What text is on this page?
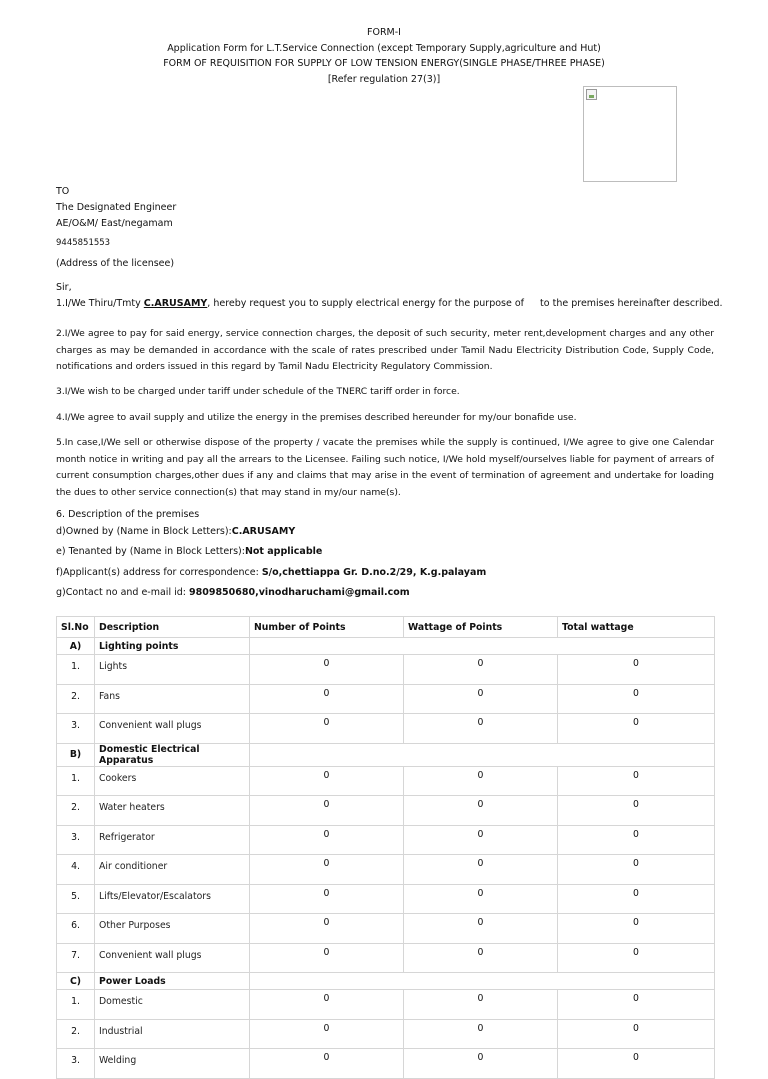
FORM-I
Application Form for L.T.Service Connection (except Temporary Supply,agriculture and Hut)
FORM OF REQUISITION FOR SUPPLY OF LOW TENSION ENERGY(SINGLE PHASE/THREE PHASE)
[Refer regulation 27(3)]
TO
The Designated Engineer
AE/O&M/ East/negamam
9445851553
(Address of the licensee)
Sir,
1.I/We Thiru/Tmty C.ARUSAMY, hereby request you to supply electrical energy for the purpose of  to the premises hereinafter described.
2.I/We agree to pay for said energy, service connection charges, the deposit of such security, meter rent,development charges and any other charges as may be demanded in accordance with the scale of rates prescribed under Tamil Nadu Electricity Distribution Code, Supply Code, notifications and orders issued in this regard by Tamil Nadu Electricity Regulatory Commission.
3.I/We wish to be charged under tariff under schedule of the TNERC tariff order in force.
4.I/We agree to avail supply and utilize the energy in the premises described hereunder for my/our bonafide use.
5.In case,I/We sell or otherwise dispose of the property / vacate the premises while the supply is continued, I/We agree to give one Calendar month notice in writing and pay all the arrears to the Licensee. Failing such notice, I/We hold myself/ourselves liable for payment of arrears of current consumption charges,other dues if any and claims that may arise in the event of termination of agreement and undertake for loading the dues to other service connection(s) that may stand in my/our name(s).
6. Description of the premises
d)Owned by (Name in Block Letters):C.ARUSAMY
e) Tenanted by (Name in Block Letters):Not applicable
f)Applicant(s) address for correspondence: S/o,chettiappa Gr. D.no.2/29, K.g.palayam
g)Contact no and e-mail id: 9809850680,vinodharuchami@gmail.com
Sl.No	Description	Number of Points	Wattage of Points	Total wattage
A)	Lighting points			
1.	Lights	0	0	0
2.	Fans	0	0	0
3.	Convenient wall plugs	0	0	0
B)	Domestic Electrical Apparatus			
1.	Cookers	0	0	0
2.	Water heaters	0	0	0
3.	Refrigerator	0	0	0
4.	Air conditioner	0	0	0
5.	Lifts/Elevator/Escalators	0	0	0
6.	Other Purposes	0	0	0
7.	Convenient wall plugs	0	0	0
C)	Power Loads			
1.	Domestic	0	0	0
2.	Industrial	0	0	0
3.	Welding	0	0	0
